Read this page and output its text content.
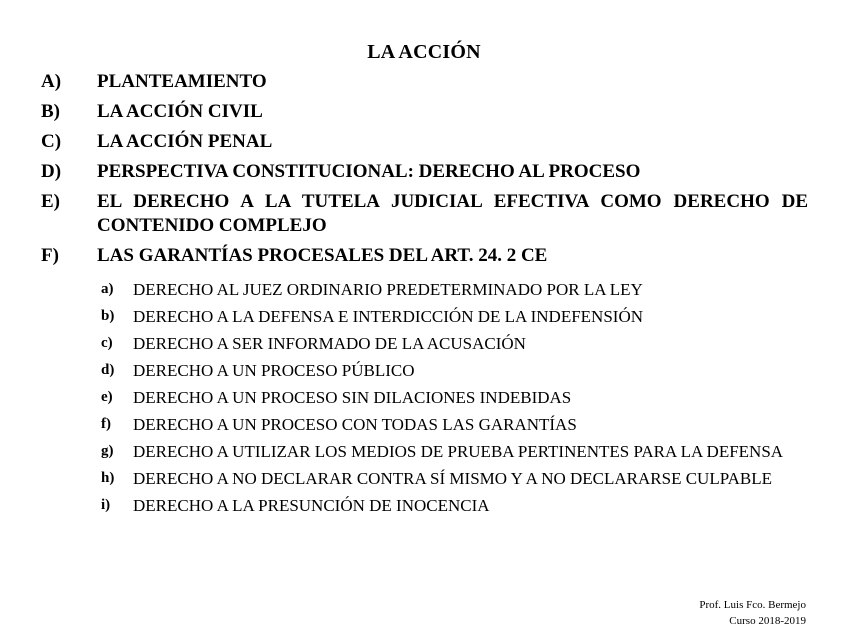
LA ACCIÓN
A)	PLANTEAMIENTO
B)	LA ACCIÓN CIVIL
C)	LA ACCIÓN PENAL
D)	PERSPECTIVA CONSTITUCIONAL: DERECHO AL PROCESO
E)	EL DERECHO A LA TUTELA JUDICIAL EFECTIVA COMO DERECHO DE CONTENIDO COMPLEJO
F)	LAS GARANTÍAS PROCESALES DEL ART. 24. 2 CE
a)	DERECHO AL JUEZ ORDINARIO PREDETERMINADO POR LA LEY
b)	DERECHO A LA DEFENSA E INTERDICCIÓN DE LA INDEFENSIÓN
c)	DERECHO A SER INFORMADO DE LA ACUSACIÓN
d)	DERECHO A UN PROCESO PÚBLICO
e)	DERECHO A UN PROCESO SIN DILACIONES INDEBIDAS
f)	DERECHO A UN PROCESO CON TODAS LAS GARANTÍAS
g)	DERECHO A UTILIZAR LOS MEDIOS DE PRUEBA PERTINENTES PARA LA DEFENSA
h)	DERECHO A NO DECLARAR CONTRA SÍ MISMO Y A NO DECLARARSE CULPABLE
i)	DERECHO A LA PRESUNCIÓN DE INOCENCIA
Prof. Luis Fco. Bermejo
Curso 2018-2019
